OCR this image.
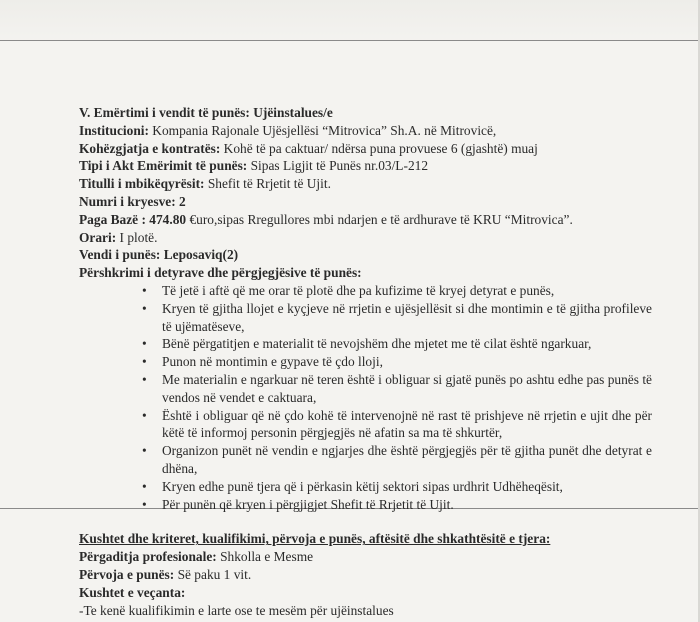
V. Emërtimi i vendit të punës: Ujëinstalues/e
Institucioni: Kompania Rajonale Ujësjellësi “Mitrovica” Sh.A. në Mitrovicë,
Kohëzgjatja e kontratës: Kohë të pa caktuar/ ndërsa puna provuese 6 (gjashtë) muaj
Tipi i Akt Emërimit të punës: Sipas Ligjit të Punës nr.03/L-212
Titulli i mbikëqyrësit: Shefit të Rrjetit të Ujit.
Numri i kryesve: 2
Paga Bazë : 474.80 €uro,sipas Rregullores mbi ndarjen e të ardhurave të KRU “Mitrovica”.
Orari: I plotë.
Vendi i punës: Leposaviq(2)
Përshkrimi i detyrave dhe përgjegjësive të punës:
• Të jetë i aftë që me orar të plotë dhe pa kufizime të kryej detyrat e punës,
• Kryen të gjitha llojet e kyçjeve në rrjetin e ujësjellësit si dhe montimin e të gjitha profileve të ujëmatëseve,
• Bënë përgatitjen e materialit të nevojshëm dhe mjetet me të cilat është ngarkuar,
• Punon në montimin e gypave të çdo lloji,
• Me materialin e ngarkuar në teren është i obliguar si gjatë punës po ashtu edhe pas punës të vendos në vendet e caktuara,
• Është i obliguar që në çdo kohë të intervenojnë në rast të prishjeve në rrjetin e ujit dhe për këtë të informoj personin përgjegjës në afatin sa ma të shkurtër,
• Organizon punët në vendin e ngjarjes dhe është përgjegjës për të gjitha punët dhe detyrat e dhëna,
• Kryen edhe punë tjera që i përkasin këtij sektori sipas urdhrit Udhëheqësit,
• Për punën që kryen i përgjigjet Shefit të Rrjetit të Ujit.
Kushtet dhe kriteret, kualifikimi, përvoja e punës, aftësitë dhe shkathtësitë e tjera:
Përgaditja profesionale: Shkolla e Mesme
Përvoja e punës: Së paku 1 vit.
Kushtet e veçanta:
-Te kenë kualifikimin e larte ose te mesëm për ujëinstalues
